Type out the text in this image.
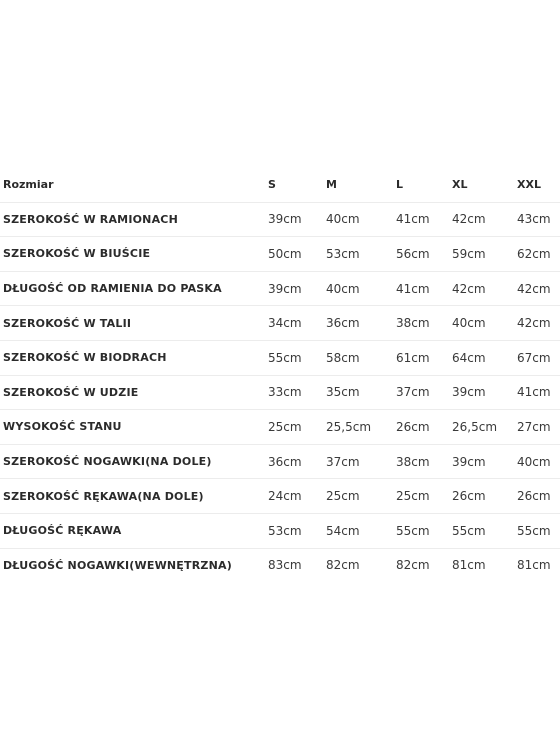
Rozmiar	S	M	L	XL	XXL
SZEROKOŚĆ W RAMIONACH	39cm	40cm	41cm	42cm	43cm
SZEROKOŚĆ W BIUŚCIE	50cm	53cm	56cm	59cm	62cm
DŁUGOŚĆ OD RAMIENIA DO PASKA	39cm	40cm	41cm	42cm	42cm
SZEROKOŚĆ W TALII	34cm	36cm	38cm	40cm	42cm
SZEROKOŚĆ W BIODRACH	55cm	58cm	61cm	64cm	67cm
SZEROKOŚĆ W UDZIE	33cm	35cm	37cm	39cm	41cm
WYSOKOŚĆ STANU	25cm	25,5cm	26cm	26,5cm	27cm
SZEROKOŚĆ NOGAWKI(NA DOLE)	36cm	37cm	38cm	39cm	40cm
SZEROKOŚĆ RĘKAWA(NA DOLE)	24cm	25cm	25cm	26cm	26cm
DŁUGOŚĆ RĘKAWA	53cm	54cm	55cm	55cm	55cm
DŁUGOŚĆ NOGAWKI(WEWNĘTRZNA)	83cm	82cm	82cm	81cm	81cm
